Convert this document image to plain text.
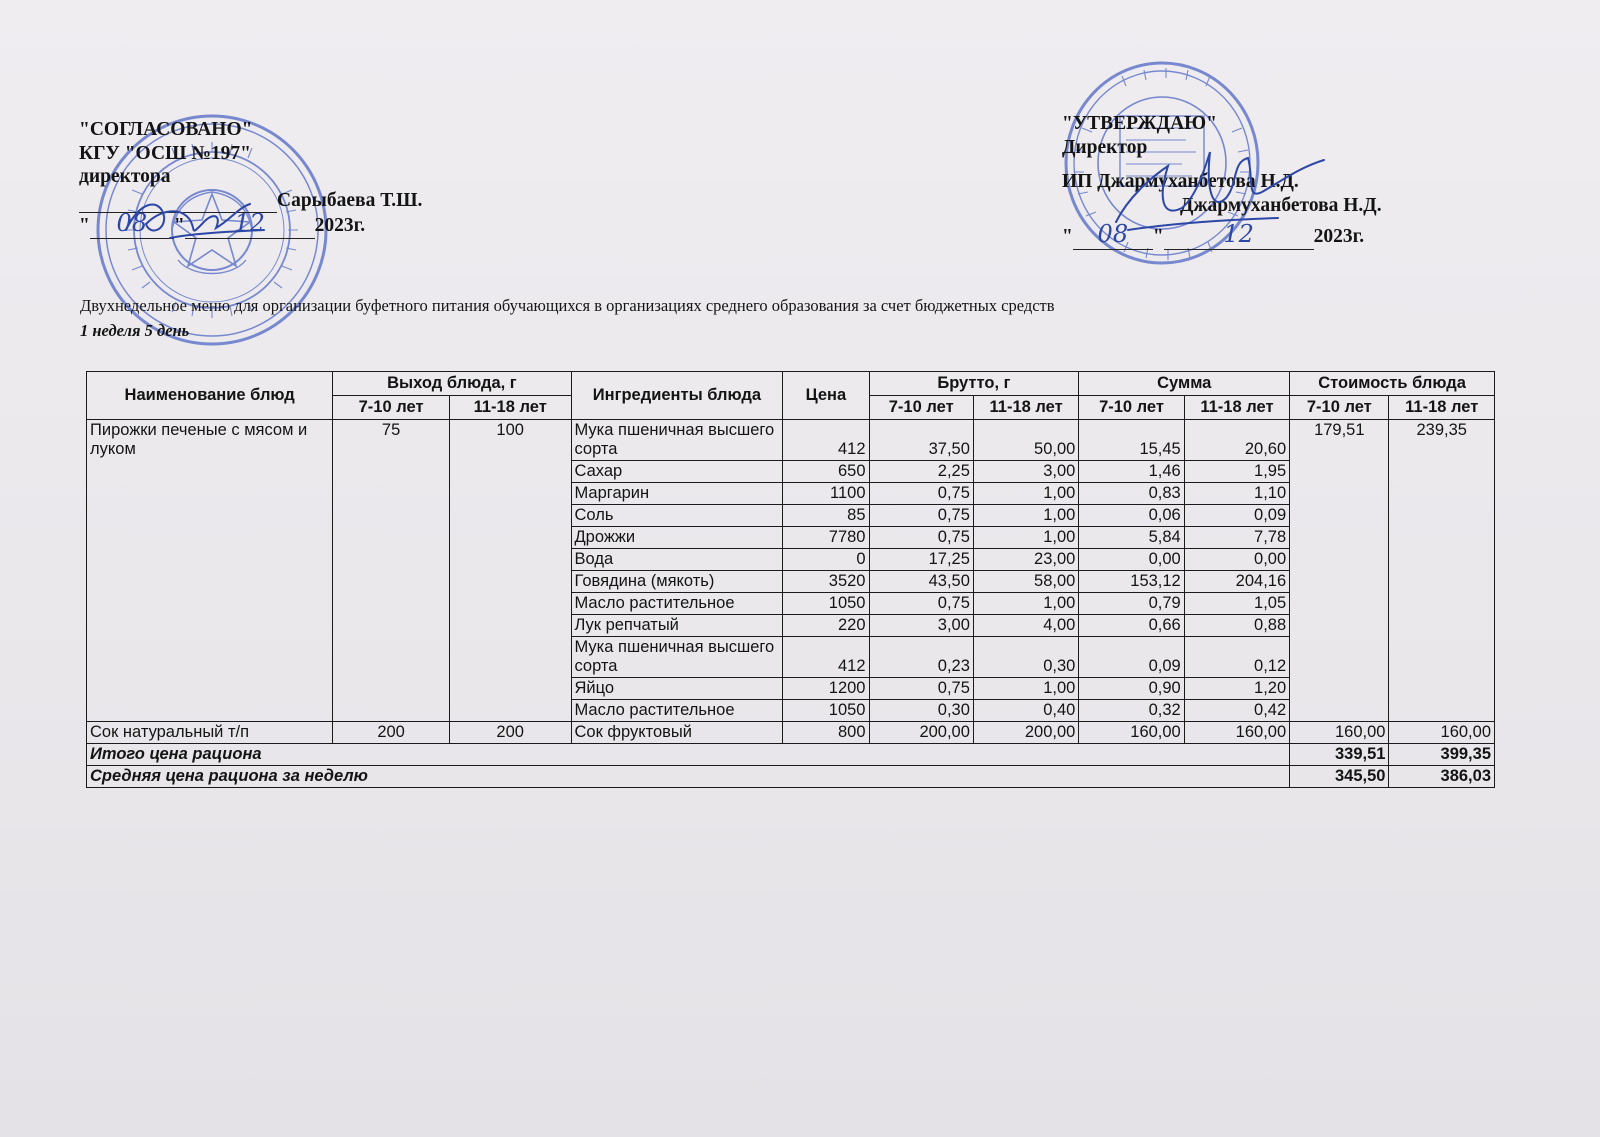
"СОГЛАСОВАНО"
КГУ "ОСШ №197"
директора
Сарыбаева Т.Ш.
" 08 " 12	2023г.
"УТВЕРЖДАЮ"
Директор
ИП Джармуханбетова Н.Д.
Джармуханбетова Н.Д.
" 08 " 12	2023г.
Двухнедельное меню для организации буфетного питания обучающихся в организациях среднего образования за счет бюджетных средств
1 неделя 5 день
Наименование блюд	Выход блюда, г		Ингредиенты блюда	Цена	Брутто, г		Сумма		Стоимость блюда	
	7-10 лет	11-18 лет			7-10 лет	11-18 лет	7-10 лет	11-18 лет	7-10 лет	11-18 лет
Пирожки печеные с мясом и луком	75	100	Мука пшеничная высшего сорта	412	37,50	50,00	15,45	20,60	179,51	239,35
			Сахар	650	2,25	3,00	1,46	1,95		
			Маргарин	1100	0,75	1,00	0,83	1,10		
			Соль	85	0,75	1,00	0,06	0,09		
			Дрожжи	7780	0,75	1,00	5,84	7,78		
			Вода	0	17,25	23,00	0,00	0,00		
			Говядина (мякоть)	3520	43,50	58,00	153,12	204,16		
			Масло растительное	1050	0,75	1,00	0,79	1,05		
			Лук репчатый	220	3,00	4,00	0,66	0,88		
			Мука пшеничная высшего сорта	412	0,23	0,30	0,09	0,12		
			Яйцо	1200	0,75	1,00	0,90	1,20		
			Масло растительное	1050	0,30	0,40	0,32	0,42		
Сок натуральный т/п	200	200	Сок фруктовый	800	200,00	200,00	160,00	160,00	160,00	160,00
Итого цена рациона									339,51	399,35
Средняя цена рациона за неделю									345,50	386,03
